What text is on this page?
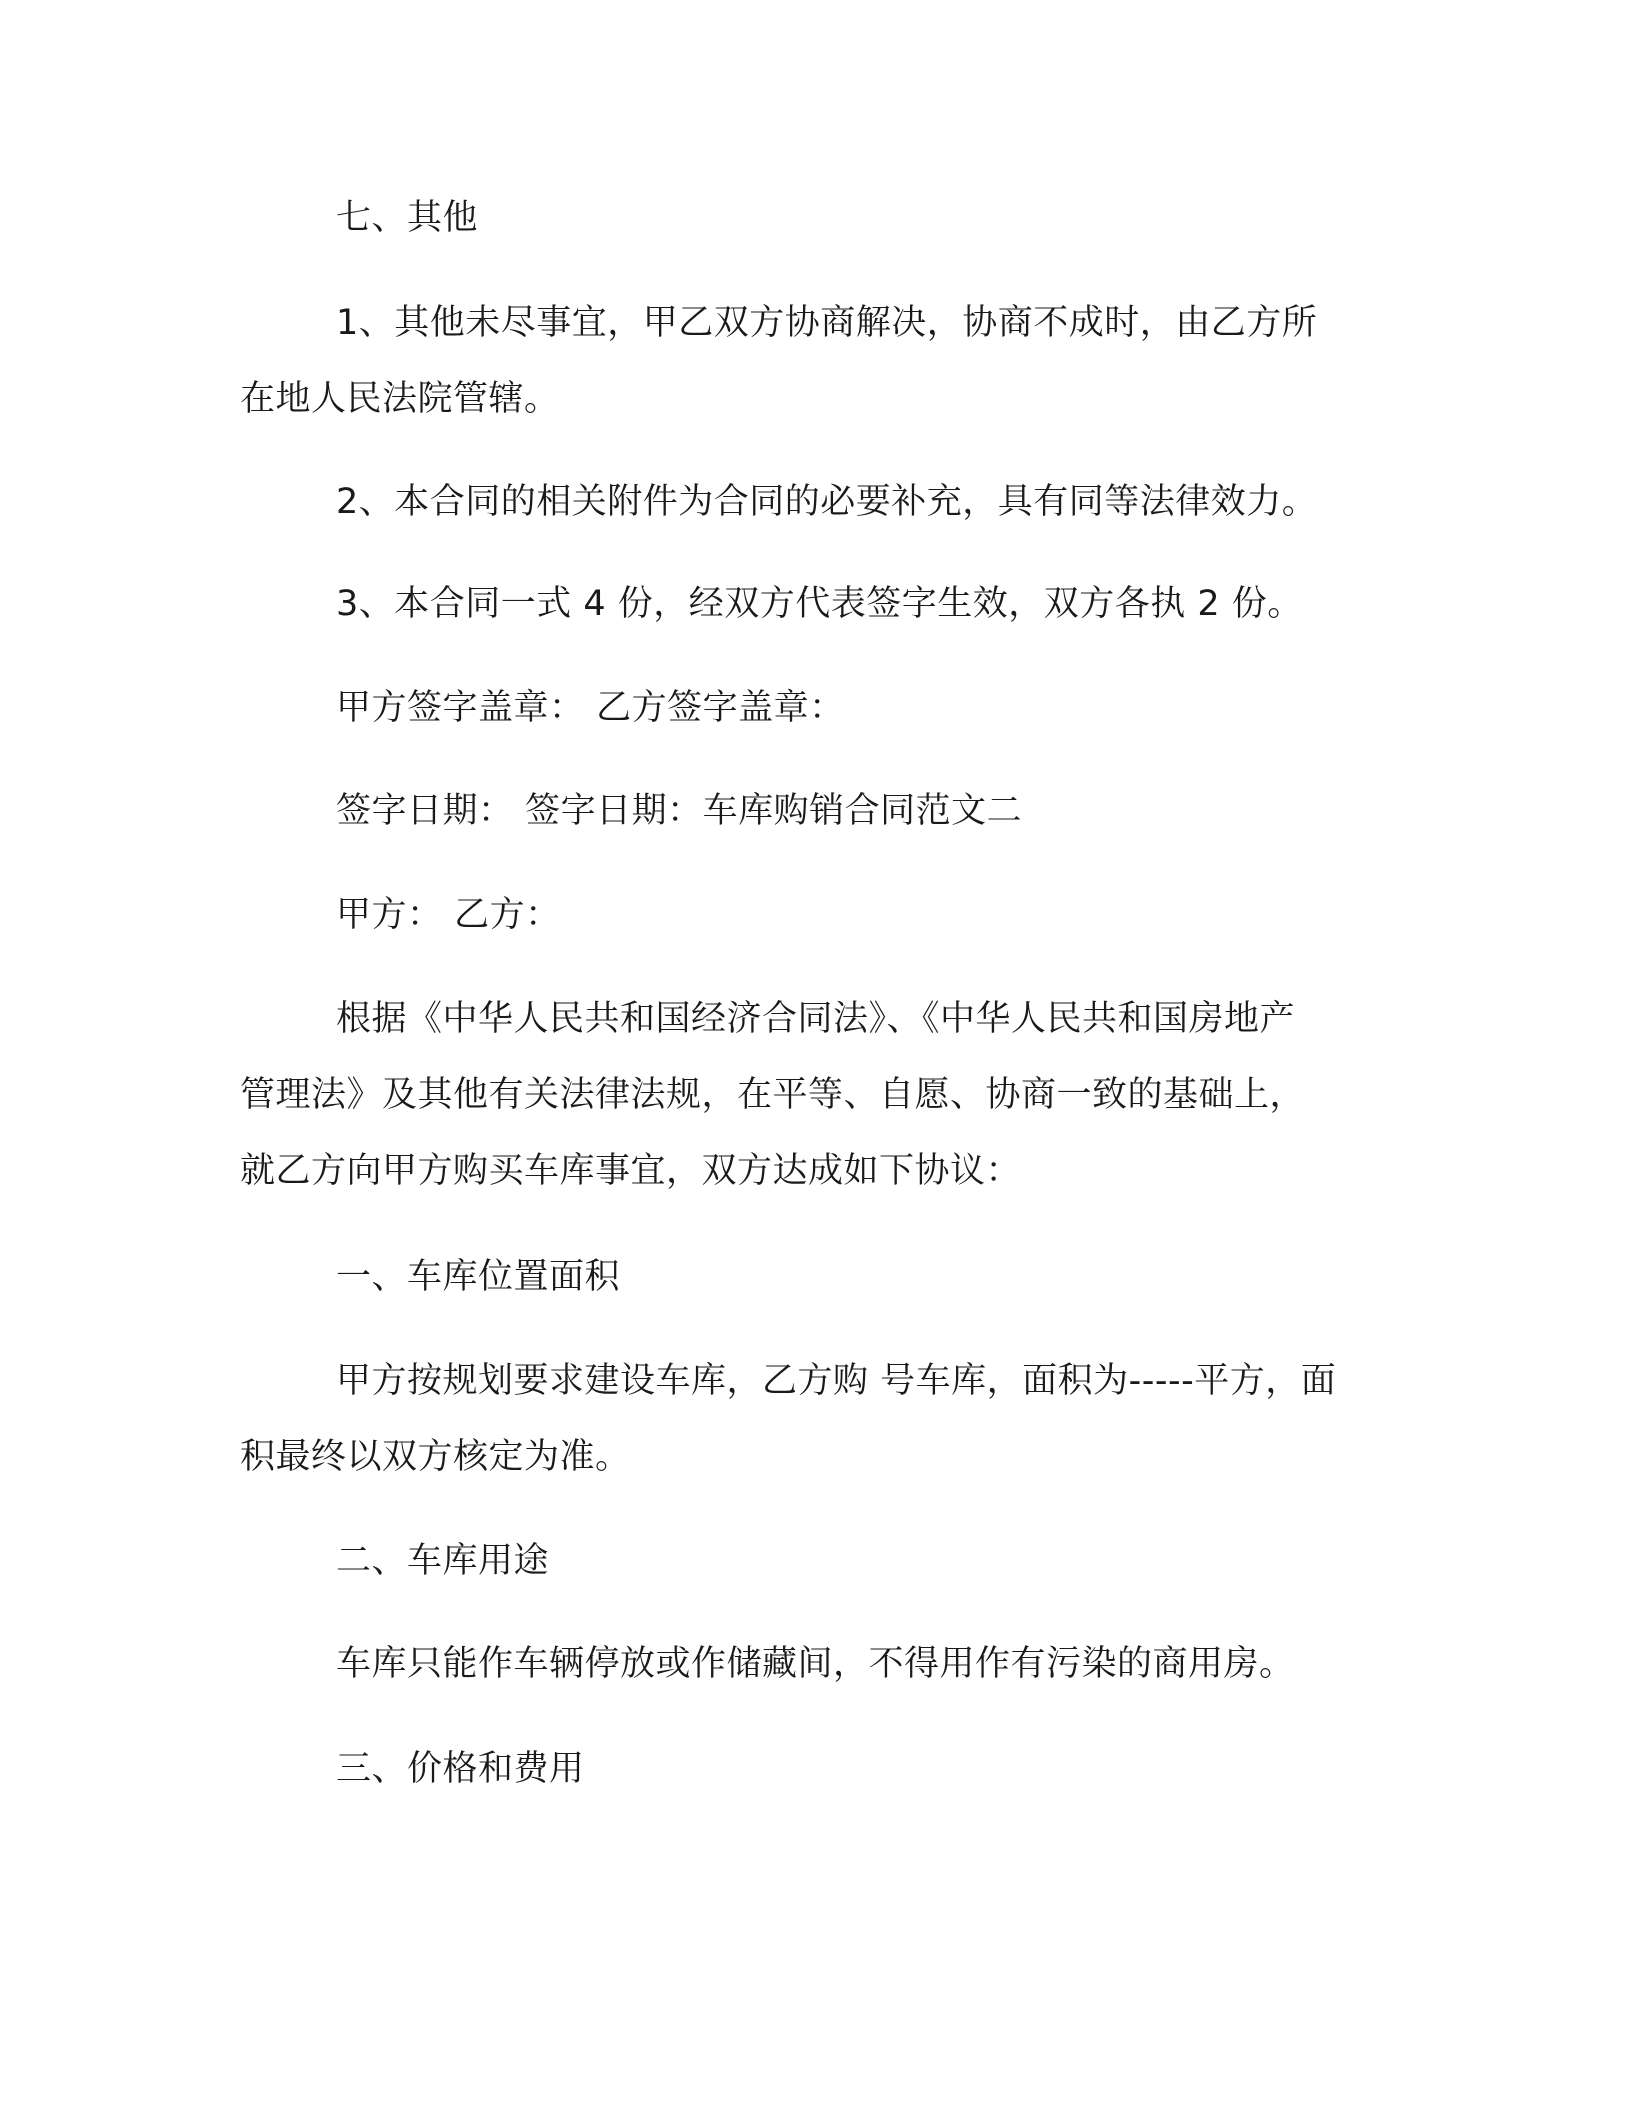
七、其他
1、其他未尽事宜，甲乙双方协商解决，协商不成时，由乙方所
在地人民法院管辖。
2、本合同的相关附件为合同的必要补充，具有同等法律效力。
3、本合同一式 4 份，经双方代表签字生效，双方各执 2 份。
甲方签字盖章： 乙方签字盖章：
签字日期： 签字日期：车库购销合同范文二
甲方： 乙方：
根据《中华人民共和国经济合同法》、《中华人民共和国房地产
管理法》及其他有关法律法规，在平等、自愿、协商一致的基础上，
就乙方向甲方购买车库事宜，双方达成如下协议：
一、车库位置面积
甲方按规划要求建设车库，乙方购 号车库，面积为-----平方，面
积最终以双方核定为准。
二、车库用途
车库只能作车辆停放或作储藏间，不得用作有污染的商用房。
三、价格和费用
